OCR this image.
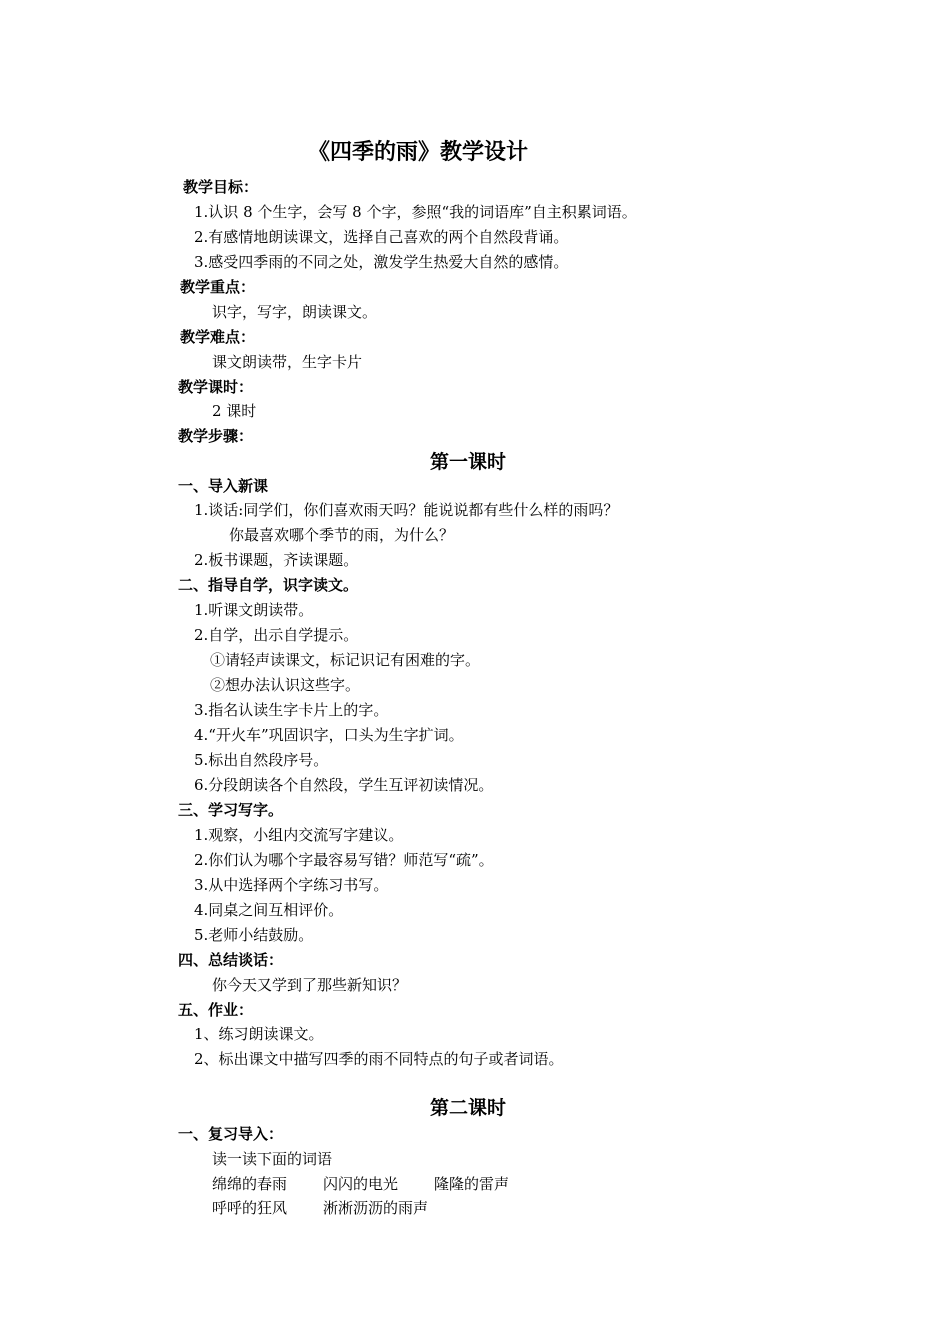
《四季的雨》教学设计
教学目标：
1.认识 8 个生字，会写 8 个字，参照“我的词语库”自主积累词语。
2.有感情地朗读课文，选择自己喜欢的两个自然段背诵。
3.感受四季雨的不同之处，激发学生热爱大自然的感情。
教学重点：
识字，写字，朗读课文。
教学难点：
课文朗读带，生字卡片
教学课时：
2 课时
教学步骤：
第一课时
一、导入新课
1.谈话:同学们，你们喜欢雨天吗？能说说都有些什么样的雨吗？
你最喜欢哪个季节的雨，为什么？
2.板书课题，齐读课题。
二、指导自学，识字读文。
1.听课文朗读带。
2.自学，出示自学提示。
①请轻声读课文，标记识记有困难的字。
②想办法认识这些字。
3.指名认读生字卡片上的字。
4.“开火车”巩固识字，口头为生字扩词。
5.标出自然段序号。
6.分段朗读各个自然段，学生互评初读情况。
三、学习写字。
1.观察，小组内交流写字建议。
2.你们认为哪个字最容易写错？师范写“疏”。
3.从中选择两个字练习书写。
4.同桌之间互相评价。
5.老师小结鼓励。
四、总结谈话：
你今天又学到了那些新知识？
五、作业：
1、练习朗读课文。
2、标出课文中描写四季的雨不同特点的句子或者词语。
第二课时
一、复习导入：
读一读下面的词语
绵绵的春雨 闪闪的电光 隆隆的雷声
呼呼的狂风 淅淅沥沥的雨声
